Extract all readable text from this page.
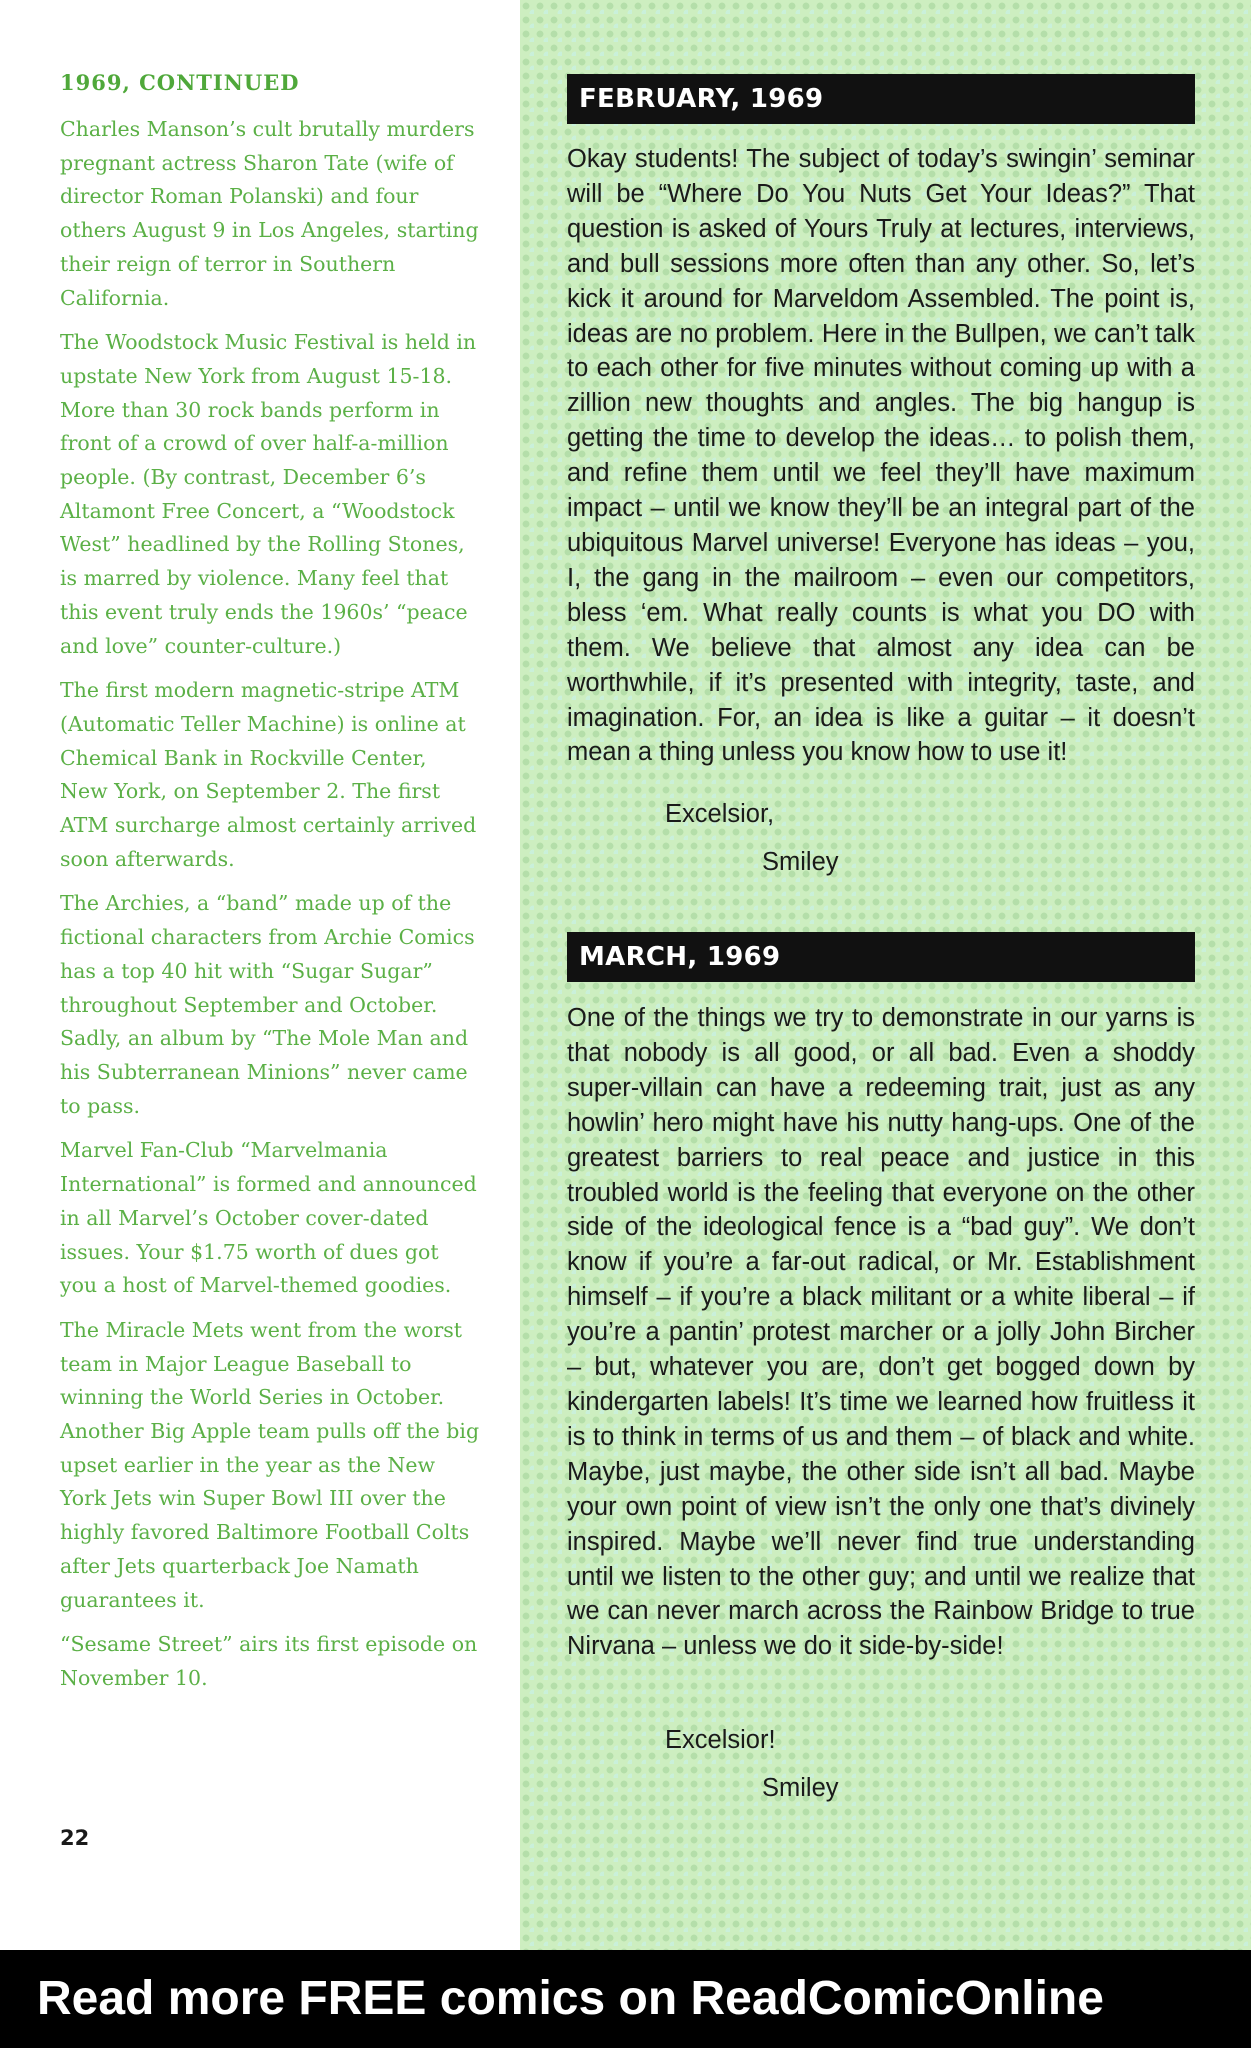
1969, CONTINUED

Charles Manson’s cult brutally murders pregnant actress Sharon Tate (wife of director Roman Polanski) and four others August 9 in Los Angeles, starting their reign of terror in Southern California.

The Woodstock Music Festival is held in upstate New York from August 15-18. More than 30 rock bands perform in front of a crowd of over half-a-million people. (By contrast, December 6’s Altamont Free Concert, a “Woodstock West” headlined by the Rolling Stones, is marred by violence. Many feel that this event truly ends the 1960s’ “peace and love” counter-culture.)

The first modern magnetic-stripe ATM (Automatic Teller Machine) is online at Chemical Bank in Rockville Center, New York, on September 2. The first ATM surcharge almost certainly arrived soon afterwards.

The Archies, a “band” made up of the fictional characters from Archie Comics has a top 40 hit with “Sugar Sugar” throughout September and October. Sadly, an album by “The Mole Man and his Subterranean Minions” never came to pass.

Marvel Fan-Club “Marvelmania International” is formed and announced in all Marvel’s October cover-dated issues. Your $1.75 worth of dues got you a host of Marvel-themed goodies.

The Miracle Mets went from the worst team in Major League Baseball to winning the World Series in October. Another Big Apple team pulls off the big upset earlier in the year as the New York Jets win Super Bowl III over the highly favored Baltimore Football Colts after Jets quarterback Joe Namath guarantees it.

“Sesame Street” airs its first episode on November 10.

22
FEBRUARY, 1969
Okay students! The subject of today’s swingin’ seminar will be “Where Do You Nuts Get Your Ideas?” That question is asked of Yours Truly at lectures, interviews, and bull sessions more often than any other. So, let’s kick it around for Marveldom Assembled. The point is, ideas are no problem. Here in the Bullpen, we can’t talk to each other for five minutes without coming up with a zillion new thoughts and angles. The big hangup is getting the time to develop the ideas… to polish them, and refine them until we feel they’ll have maximum impact – until we know they’ll be an integral part of the ubiquitous Marvel universe! Everyone has ideas – you, I, the gang in the mailroom – even our competitors, bless ‘em. What really counts is what you DO with them. We believe that almost any idea can be worthwhile, if it’s presented with integrity, taste, and imagination. For, an idea is like a guitar – it doesn’t mean a thing unless you know how to use it!
Excelsior,
Smiley
MARCH, 1969
One of the things we try to demonstrate in our yarns is that nobody is all good, or all bad. Even a shoddy super-villain can have a redeeming trait, just as any howlin’ hero might have his nutty hang-ups. One of the greatest barriers to real peace and justice in this troubled world is the feeling that everyone on the other side of the ideological fence is a “bad guy”. We don’t know if you’re a far-out radical, or Mr. Establishment himself – if you’re a black militant or a white liberal – if you’re a pantin’ protest marcher or a jolly John Bircher – but, whatever you are, don’t get bogged down by kindergarten labels! It’s time we learned how fruitless it is to think in terms of us and them – of black and white. Maybe, just maybe, the other side isn’t all bad. Maybe your own point of view isn’t the only one that’s divinely inspired. Maybe we’ll never find true understanding until we listen to the other guy; and until we realize that we can never march across the Rainbow Bridge to true Nirvana – unless we do it side-by-side!
Excelsior!
Smiley
Read more FREE comics on ReadComicOnline
